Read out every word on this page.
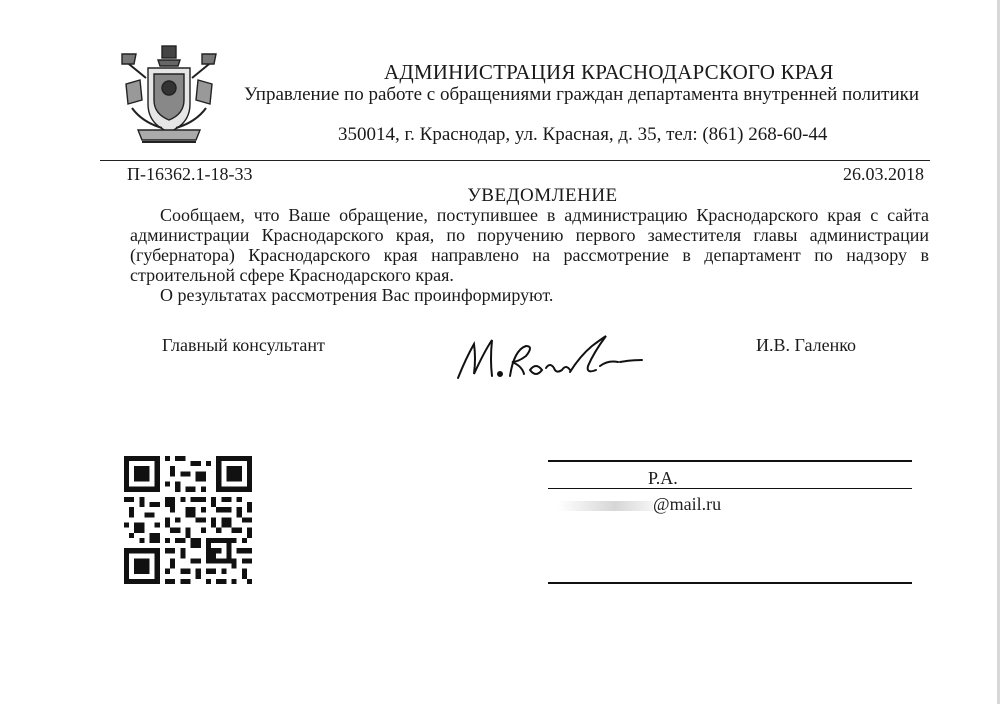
АДМИНИСТРАЦИЯ КРАСНОДАРСКОГО КРАЯ
Управление по работе с обращениями граждан департамента внутренней политики
350014, г. Краснодар, ул. Красная, д. 35, тел: (861) 268-60-44
П-16362.1-18-33	26.03.2018
УВЕДОМЛЕНИЕ

Сообщаем, что Ваше обращение, поступившее в администрацию Краснодарского края с сайта администрации Краснодарского края, по поручению первого заместителя главы администрации (губернатора) Краснодарского края направлено на рассмотрение в департамент по надзору в строительной сфере Краснодарского края.

О результатах рассмотрения Вас проинформируют.

Главный консультант	И.В. Галенко
Р.А.
@mail.ru
